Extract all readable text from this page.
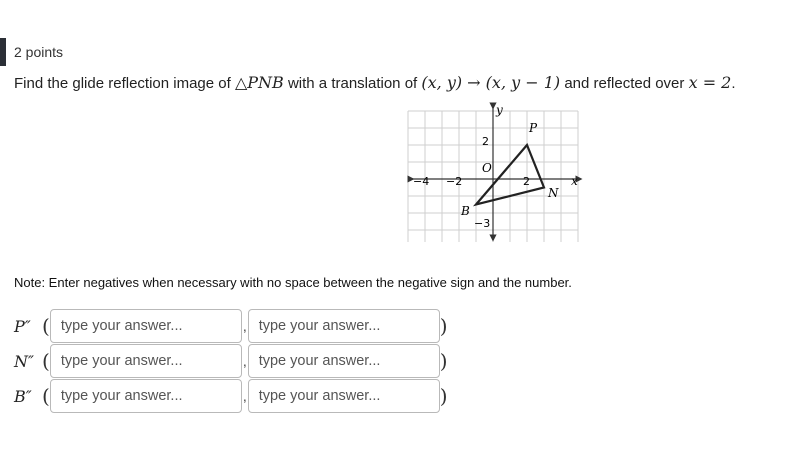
2 points
Find the glide reflection image of △PNB with a translation of (x, y) → (x, y − 1) and reflected over x = 2.
x
y
O
−4 −2	2
2
−3
P
N
B
Note: Enter negatives when necessary with no space between the negative sign and the number.
P″ ( type your answer...	, type your answer...	)
N″ ( type your answer...	, type your answer...	)
B″ ( type your answer...	, type your answer...	)
